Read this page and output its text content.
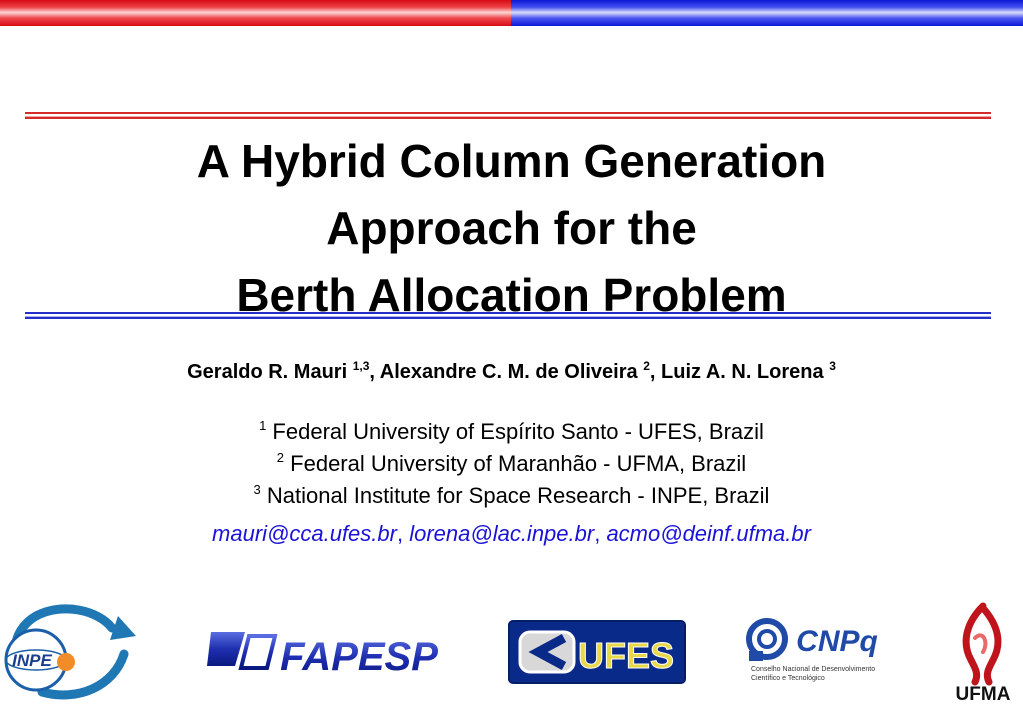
A Hybrid Column Generation
Approach for the
Berth Allocation Problem
Geraldo R. Mauri $^{1,3}$, Alexandre C. M. de Oliveira $^2$, Luiz A. N. Lorena $^3$
$^1$ Federal University of Espírito Santo - UFES, Brazil
$^2$ Federal University of Maranhão - UFMA, Brazil
$^3$ National Institute for Space Research - INPE, Brazil
mauri@cca.ufes.br, lorena@lac.inpe.br, acmo@deinf.ufma.br
INPE	FAPESP	UFES	CNPq
Conselho Nacional de Desenvolvimento
Científico e Tecnológico
UFMA
